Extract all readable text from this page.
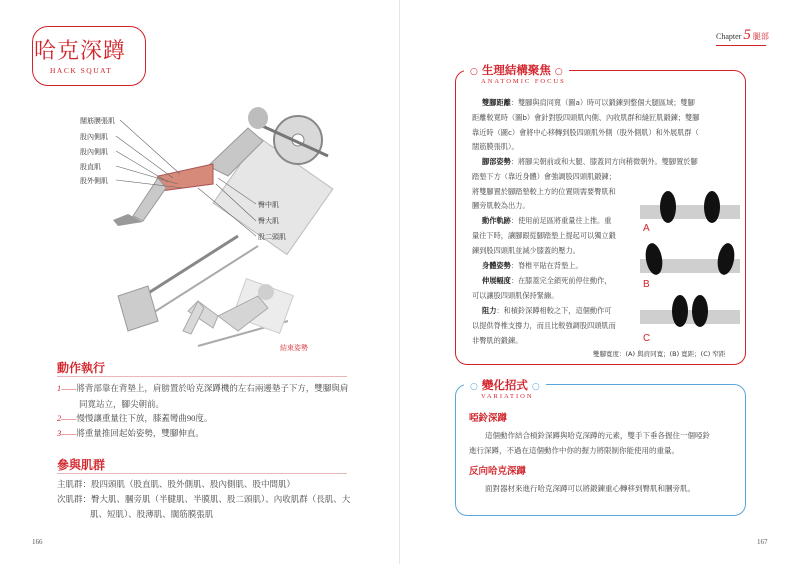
哈克深蹲
HACK SQUAT
闊筋膜張肌
股內側肌
股內側肌
股直肌
股外側肌
臀中肌
臀大肌
股二頭肌
結束姿勢
動作執行
1——將背部靠在背墊上，肩膀置於哈克深蹲機的左右兩邊墊子下方，雙腳與肩
同寬站立，腳尖朝前。
2——慢慢讓重量往下放，膝蓋彎曲90度。
3——將重量推回起始姿勢，雙腳伸直。
參與肌群
主肌群：股四頭肌（股直肌、股外側肌、股內側肌、股中間肌）
次肌群：臀大肌、膕旁肌（半腱肌、半膜肌、股二頭肌）、內收肌群（長肌、大
肌、短肌）、股薄肌、闊筋膜張肌
166
Chapter 5 腿部
○ 生理結構聚焦 ○
ANATOMIC FOCUS
雙腳距離：雙腳與肩同寬（圖a）時可以鍛鍊到整個大腿區域；雙腳
距離較寬時（圖b）會針對股四頭肌內側、內收肌群和縫匠肌鍛鍊；雙腳
靠近時（圖c）會將中心移轉到股四頭肌外側（股外側肌）和外展肌群（
闊筋膜張肌）。
腳部姿勢：將腳尖朝前或和大腿、膝蓋同方向稍微朝外。雙腳置於腳
踏墊下方（靠近身體）會強調股四頭肌鍛鍊；
將雙腳置於腳踏墊較上方的位置則需要臀肌和
膕旁肌較為出力。
動作軌跡：使用前足區將重量往上推。重
量往下時，讓腳跟從腳踏墊上提起可以獨立鍛
鍊到股四頭肌並減少膝蓋的壓力。
身體姿勢：脊椎平貼在背墊上。
伸展幅度：在膝蓋完全鎖死前停住動作，
可以讓股四頭肌保持緊繃。
阻力：和槓鈴深蹲相較之下，這個動作可
以提供脊椎支撐力，而且比較強調股四頭肌而
非臀肌的鍛鍊。
A
B
C
雙腳寬度：(A) 與肩同寬；(B) 寬距；(C) 窄距
○ 變化招式 ○
VARIATION
啞鈴深蹲
這個動作結合槓鈴深蹲與哈克深蹲的元素，雙手下垂各握住一個啞鈴
進行深蹲，不過在這個動作中你的握力將限制你能使用的重量。
反向哈克深蹲
面對器材來進行哈克深蹲可以將鍛鍊重心轉移到臀肌和膕旁肌。
167
